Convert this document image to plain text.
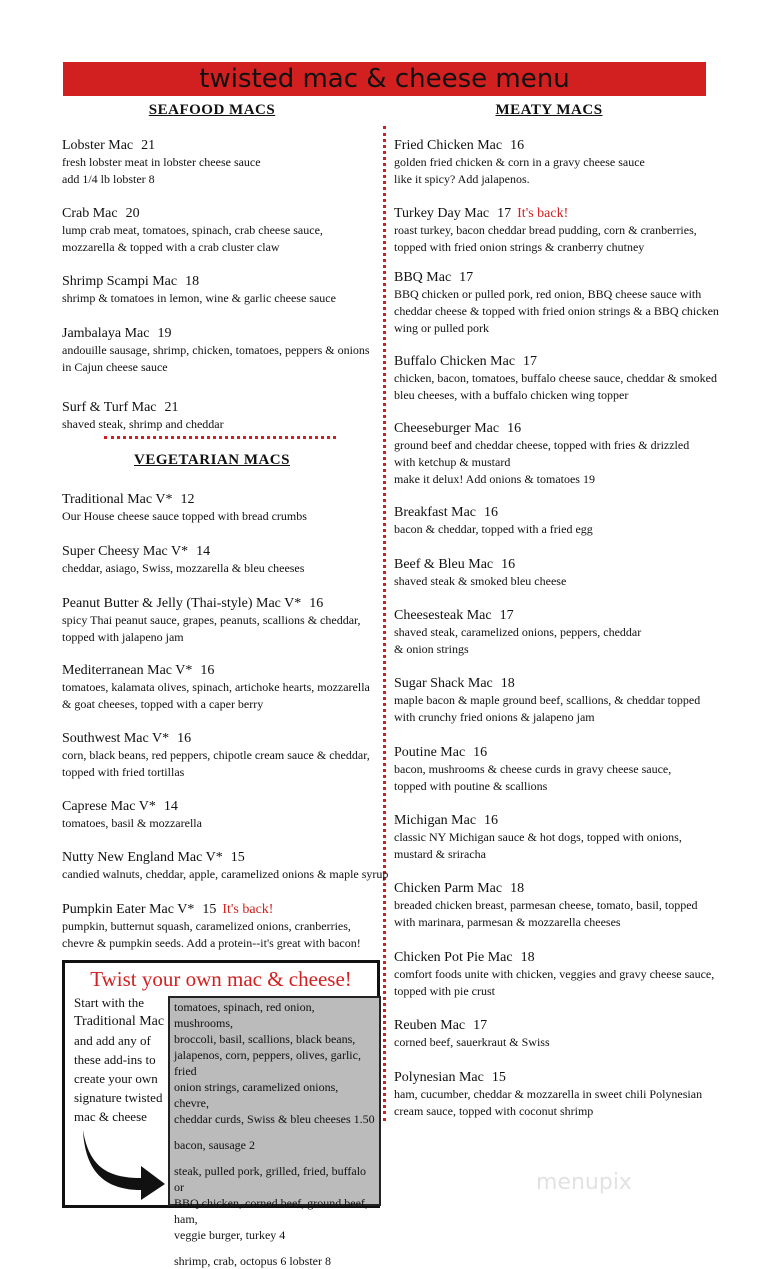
twisted mac & cheese menu
SEAFOOD MACS
Lobster Mac 21
fresh lobster meat in lobster cheese sauce
add 1/4 lb lobster 8
Crab Mac 20
lump crab meat, tomatoes, spinach, crab cheese sauce,
mozzarella & topped with a crab cluster claw
Shrimp Scampi Mac 18
shrimp & tomatoes in lemon, wine & garlic cheese sauce
Jambalaya Mac 19
andouille sausage, shrimp, chicken, tomatoes, peppers & onions
in Cajun cheese sauce
Surf & Turf Mac 21
shaved steak, shrimp and cheddar
VEGETARIAN MACS
Traditional Mac V* 12
Our House cheese sauce topped with bread crumbs
Super Cheesy Mac V* 14
cheddar, asiago, Swiss, mozzarella & bleu cheeses
Peanut Butter & Jelly (Thai-style) Mac V* 16
spicy Thai peanut sauce, grapes, peanuts, scallions & cheddar,
topped with jalapeno jam
Mediterranean Mac V* 16
tomatoes, kalamata olives, spinach, artichoke hearts, mozzarella
& goat cheeses, topped with a caper berry
Southwest Mac V* 16
corn, black beans, red peppers, chipotle cream sauce & cheddar,
topped with fried tortillas
Caprese Mac V* 14
tomatoes, basil & mozzarella
Nutty New England Mac V* 15
candied walnuts, cheddar, apple, caramelized onions & maple syrup
Pumpkin Eater Mac V* 15 It's back!
pumpkin, butternut squash, caramelized onions, cranberries,
chevre & pumpkin seeds. Add a protein--it's great with bacon!
MEATY MACS
Fried Chicken Mac 16
golden fried chicken & corn in a gravy cheese sauce
like it spicy? Add jalapenos.
Turkey Day Mac 17 It's back!
roast turkey, bacon cheddar bread pudding, corn & cranberries,
topped with fried onion strings & cranberry chutney
BBQ Mac 17
BBQ chicken or pulled pork, red onion, BBQ cheese sauce with
cheddar cheese & topped with fried onion strings & a BBQ chicken
wing or pulled pork
Buffalo Chicken Mac 17
chicken, bacon, tomatoes, buffalo cheese sauce, cheddar & smoked
bleu cheeses, with a buffalo chicken wing topper
Cheeseburger Mac 16
ground beef and cheddar cheese, topped with fries & drizzled
with ketchup & mustard
make it delux! Add onions & tomatoes 19
Breakfast Mac 16
bacon & cheddar, topped with a fried egg
Beef & Bleu Mac 16
shaved steak & smoked bleu cheese
Cheesesteak Mac 17
shaved steak, caramelized onions, peppers, cheddar
& onion strings
Sugar Shack Mac 18
maple bacon & maple ground beef, scallions, & cheddar topped
with crunchy fried onions & jalapeno jam
Poutine Mac 16
bacon, mushrooms & cheese curds in gravy cheese sauce,
topped with poutine & scallions
Michigan Mac 16
classic NY Michigan sauce & hot dogs, topped with onions,
mustard & sriracha
Chicken Parm Mac 18
breaded chicken breast, parmesan cheese, tomato, basil, topped
with marinara, parmesan & mozzarella cheeses
Chicken Pot Pie Mac 18
comfort foods unite with chicken, veggies and gravy cheese sauce,
topped with pie crust
Reuben Mac 17
corned beef, sauerkraut & Swiss
Polynesian Mac 15
ham, cucumber, cheddar & mozzarella in sweet chili Polynesian
cream sauce, topped with coconut shrimp
Twist your own mac & cheese!
Start with the
Traditional Mac
and add any of
these add-ins to
create your own
signature twisted
mac & cheese
tomatoes, spinach, red onion, mushrooms,
broccoli, basil, scallions, black beans,
jalapenos, corn, peppers, olives, garlic, fried
onion strings, caramelized onions, chevre,
cheddar curds, Swiss & bleu cheeses 1.50
bacon, sausage 2
steak, pulled pork, grilled, fried, buffalo or
BBQ chicken, corned beef, ground beef, ham,
veggie burger, turkey 4
shrimp, crab, octopus 6 lobster 8
menupix
